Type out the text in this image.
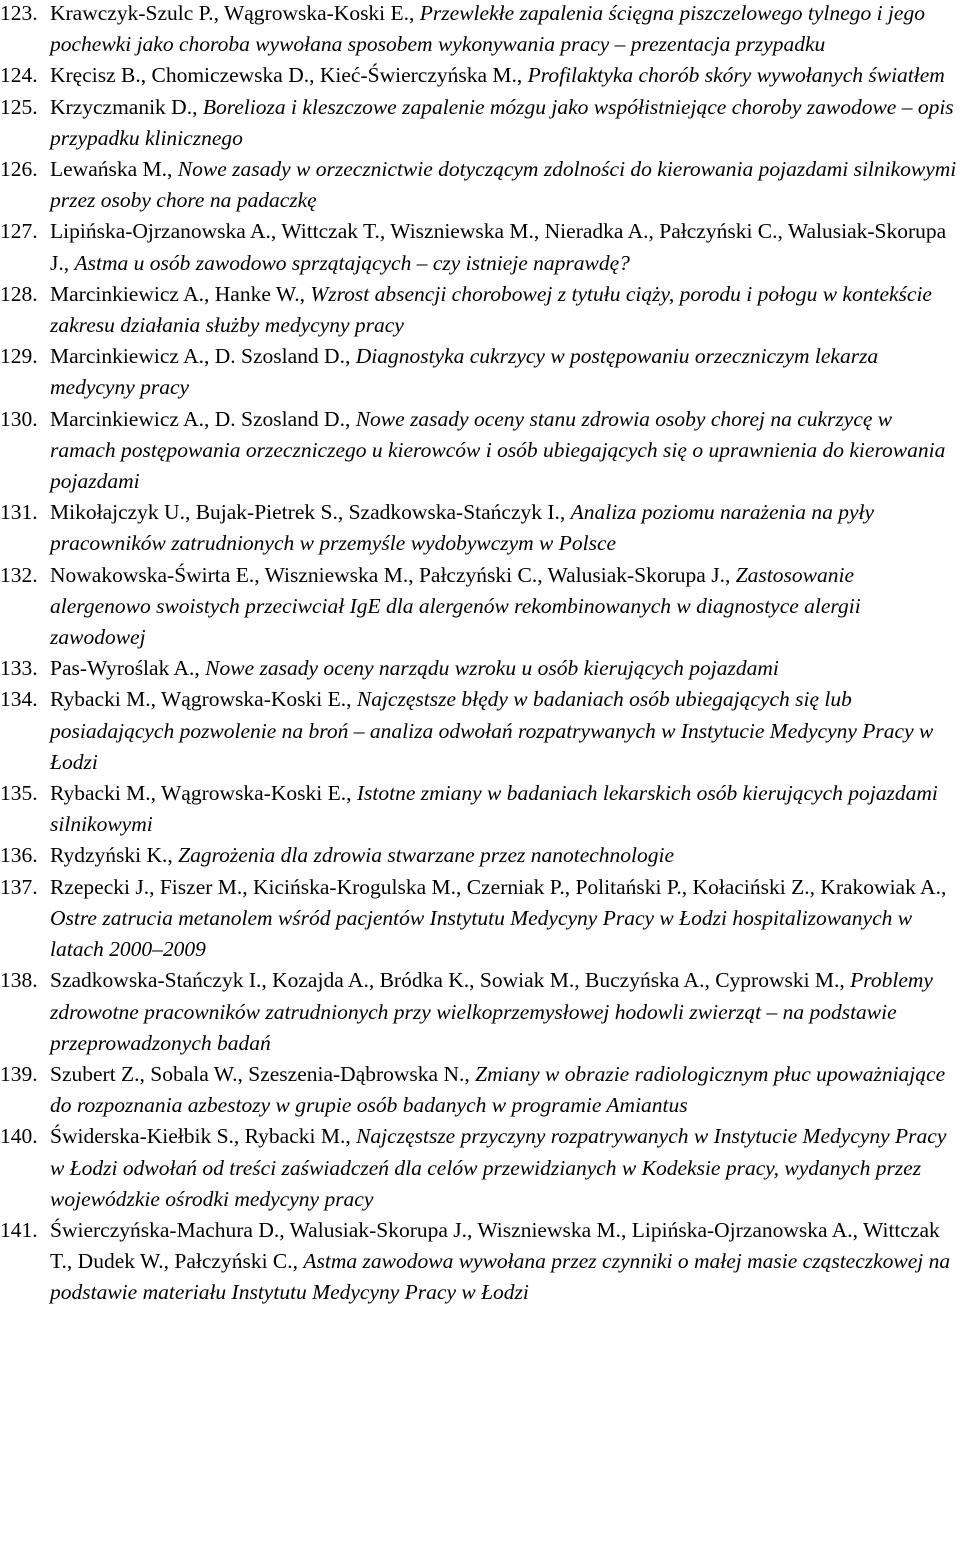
123. Krawczyk-Szulc P., Wągrowska-Koski E., Przewlekłe zapalenia ścięgna piszczelowego tylnego i jego pochewki jako choroba wywołana sposobem wykonywania pracy – prezentacja przypadku
124. Kręcisz B., Chomiczewska D., Kieć-Świerczyńska M., Profilaktyka chorób skóry wywołanych światłem
125. Krzyczmanik D., Borelioza i kleszczowe zapalenie mózgu jako współistniejące choroby zawodowe – opis przypadku klinicznego
126. Lewańska M., Nowe zasady w orzecznictwie dotyczącym zdolności do kierowania pojazdami silnikowymi przez osoby chore na padaczkę
127. Lipińska-Ojrzanowska A., Wittczak T., Wiszniewska M., Nieradka A., Pałczyński C., Walusiak-Skorupa J., Astma u osób zawodowo sprzątających – czy istnieje naprawdę?
128. Marcinkiewicz A., Hanke W., Wzrost absencji chorobowej z tytułu ciąży, porodu i połogu w kontekście zakresu działania służby medycyny pracy
129. Marcinkiewicz A., D. Szosland D., Diagnostyka cukrzycy w postępowaniu orzeczniczym lekarza medycyny pracy
130. Marcinkiewicz A., D. Szosland D., Nowe zasady oceny stanu zdrowia osoby chorej na cukrzycę w ramach postępowania orzeczniczego u kierowców i osób ubiegających się o uprawnienia do kierowania pojazdami
131. Mikołajczyk U., Bujak-Pietrek S., Szadkowska-Stańczyk I., Analiza poziomu narażenia na pyły pracowników zatrudnionych w przemyśle wydobywczym w Polsce
132. Nowakowska-Świrta E., Wiszniewska M., Pałczyński C., Walusiak-Skorupa J., Zastosowanie alergenowo swoistych przeciwciał IgE dla alergenów rekombinowanych w diagnostyce alergii zawodowej
133. Pas-Wyroślak A., Nowe zasady oceny narządu wzroku u osób kierujących pojazdami
134. Rybacki M., Wągrowska-Koski E., Najczęstsze błędy w badaniach osób ubiegających się lub posiadających pozwolenie na broń – analiza odwołań rozpatrywanych w Instytucie Medycyny Pracy w Łodzi
135. Rybacki M., Wągrowska-Koski E., Istotne zmiany w badaniach lekarskich osób kierujących pojazdami silnikowymi
136. Rydzyński K., Zagrożenia dla zdrowia stwarzane przez nanotechnologie
137. Rzepecki J., Fiszer M., Kicińska-Krogulska M., Czerniak P., Politański P., Kołaciński Z., Krakowiak A., Ostre zatrucia metanolem wśród pacjentów Instytutu Medycyny Pracy w Łodzi hospitalizowanych w latach 2000–2009
138. Szadkowska-Stańczyk I., Kozajda A., Bródka K., Sowiak M., Buczyńska A., Cyprowski M., Problemy zdrowotne pracowników zatrudnionych przy wielkoprzemysłowej hodowli zwierząt – na podstawie przeprowadzonych badań
139. Szubert Z., Sobala W., Szeszenia-Dąbrowska N., Zmiany w obrazie radiologicznym płuc upoważniające do rozpoznania azbestozy w grupie osób badanych w programie Amiantus
140. Świderska-Kiełbik S., Rybacki M., Najczęstsze przyczyny rozpatrywanych w Instytucie Medycyny Pracy w Łodzi odwołań od treści zaświadczeń dla celów przewidzianych w Kodeksie pracy, wydanych przez wojewódzkie ośrodki medycyny pracy
141. Świerczyńska-Machura D., Walusiak-Skorupa J., Wiszniewska M., Lipińska-Ojrzanowska A., Wittczak T., Dudek W., Pałczyński C., Astma zawodowa wywołana przez czynniki o małej masie cząsteczkowej na podstawie materiału Instytutu Medycyny Pracy w Łodzi
